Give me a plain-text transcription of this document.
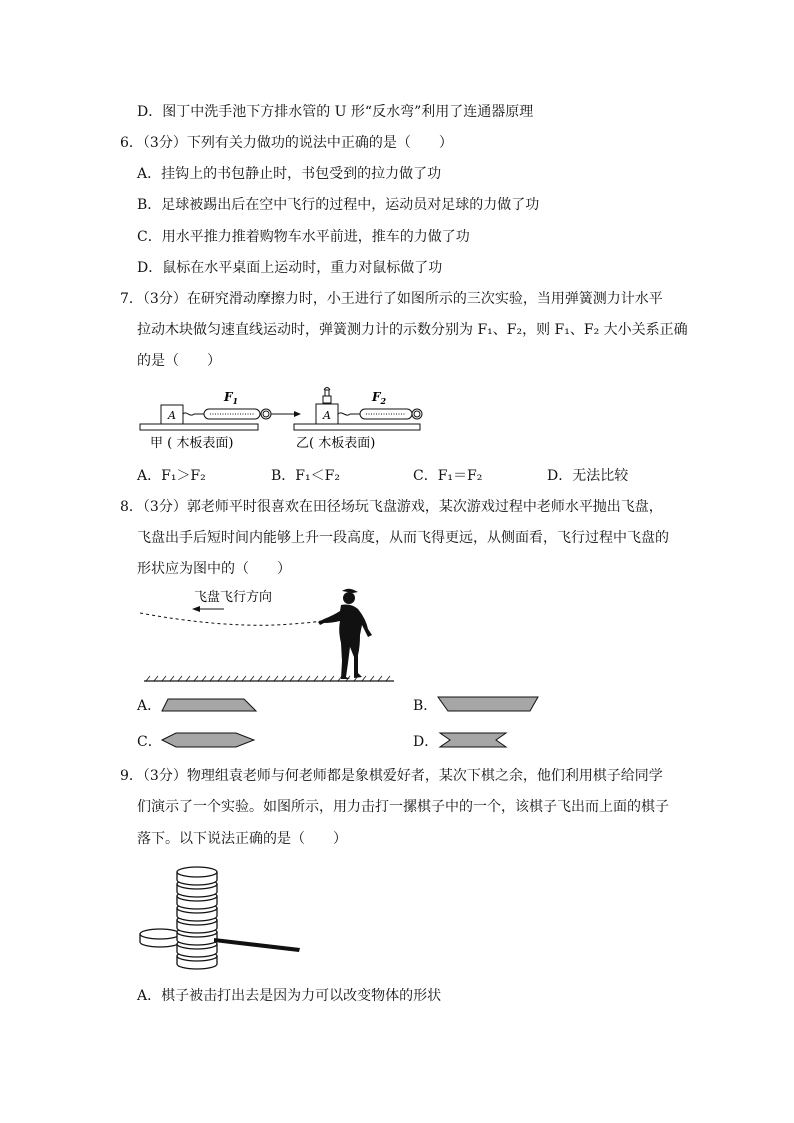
D．图丁中洗手池下方排水管的 U 形“反水弯”利用了连通器原理
6．（3分）下列有关力做功的说法中正确的是（　　）
A．挂钩上的书包静止时，书包受到的拉力做了功
B．足球被踢出后在空中飞行的过程中，运动员对足球的力做了功
C．用水平推力推着购物车水平前进，推车的力做了功
D．鼠标在水平桌面上运动时，重力对鼠标做了功
7．（3分）在研究滑动摩擦力时，小王进行了如图所示的三次实验，当用弹簧测力计水平
拉动木块做匀速直线运动时，弹簧测力计的示数分别为 F₁、F₂，则 F₁、F₂ 大小关系正确
的是（　　）
A
$F_1$
A
$F_2$
甲 ( 木板表面)	乙( 木板表面)
A．F₁＞F₂	B．F₁＜F₂	C．F₁＝F₂	D．无法比较
8．（3分）郭老师平时很喜欢在田径场玩飞盘游戏，某次游戏过程中老师水平抛出飞盘，
飞盘出手后短时间内能够上升一段高度，从而飞得更远，从侧面看，飞行过程中飞盘的
形状应为图中的（　　）
飞盘飞行方向
A．	B．
C．	D．
9．（3分）物理组袁老师与何老师都是象棋爱好者，某次下棋之余，他们利用棋子给同学
们演示了一个实验。如图所示，用力击打一摞棋子中的一个，该棋子飞出而上面的棋子
落下。以下说法正确的是（　　）
A．棋子被击打出去是因为力可以改变物体的形状
